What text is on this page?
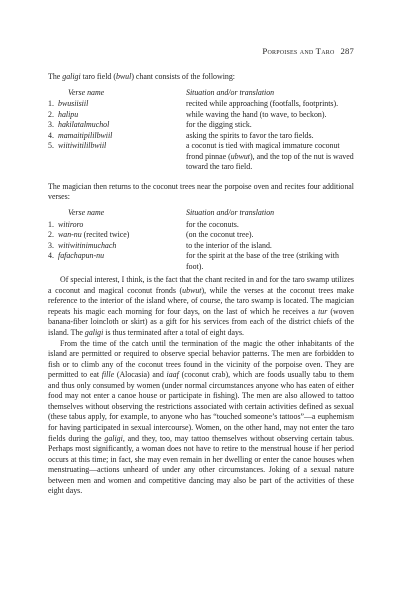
Porpoises and Taro 287

The galigi taro field (bwul) chant consists of the following:

Verse name	Situation and/or translation
1. bwusiisiil	recited while approaching (footfalls, footprints).
2. halipu	while waving the hand (to wave, to beckon).
3. hakilatalmuchol	for the digging stick.
4. mamaitipililbwiil	asking the spirits to favor the taro fields.
5. wiitiwitililbwiil	a coconut is tied with magical immature coconut frond pinnae (ubwut), and the top of the nut is waved toward the taro field.

The magician then returns to the coconut trees near the porpoise oven and recites four additional verses:

Verse name	Situation and/or translation
1. witiroro	for the coconuts.
2. wan-nu (recited twice)	(on the coconut tree).
3. witiwitinimuchach	to the interior of the island.
4. fafachapun-nu	for the spirit at the base of the tree (striking with foot).

Of special interest, I think, is the fact that the chant recited in and for the taro swamp utilizes a coconut and magical coconut fronds (ubwut), while the verses at the coconut trees make reference to the interior of the island where, of course, the taro swamp is located. The magician repeats his magic each morning for four days, on the last of which he receives a tur (woven banana-fiber loincloth or skirt) as a gift for his services from each of the district chiefs of the island. The galigi is thus terminated after a total of eight days.

From the time of the catch until the termination of the magic the other inhabitants of the island are permitted or required to observe special behavior patterns. The men are forbidden to fish or to climb any of the coconut trees found in the vicinity of the porpoise oven. They are permitted to eat fille (Alocasia) and iaaf (coconut crab), which are foods usually tabu to them and thus only consumed by women (under normal circumstances anyone who has eaten of either food may not enter a canoe house or participate in fishing). The men are also allowed to tattoo themselves without observing the restrictions associated with certain activities defined as sexual (these tabus apply, for example, to anyone who has “touched someone’s tattoos”—a euphemism for having participated in sexual intercourse). Women, on the other hand, may not enter the taro fields during the galigi, and they, too, may tattoo themselves without observing certain tabus. Perhaps most significantly, a woman does not have to retire to the menstrual house if her period occurs at this time; in fact, she may even remain in her dwelling or enter the canoe houses when menstruating—actions unheard of under any other circumstances. Joking of a sexual nature between men and women and competitive dancing may also be part of the activities of these eight days.
